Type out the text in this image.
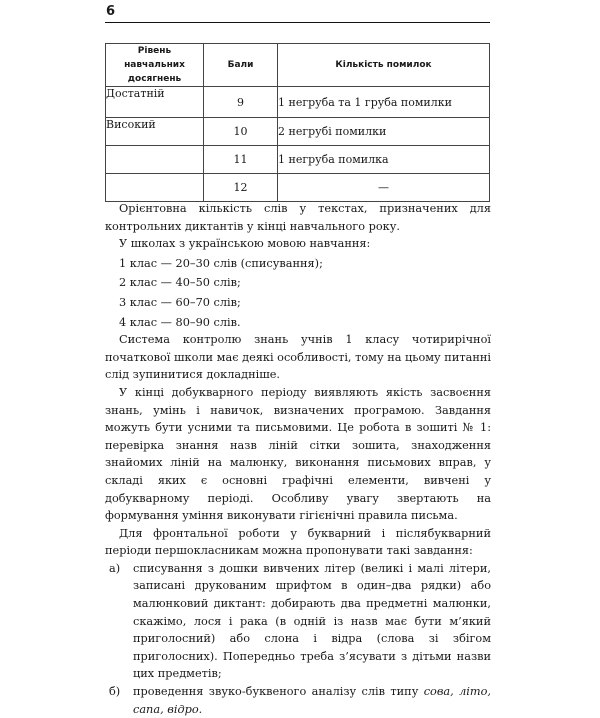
6
Рівень навчальних досягнень	Бали	Кількість помилок
Достатній	9	1 негруба та 1 груба помилки
Високий	10	2 негрубі помилки
	11	1 негруба помилка
	12	—

Орієнтовна кількість слів у текстах, призначених для контрольних диктантів у кінці навчального року.

У школах з українською мовою навчання:

1 клас — 20–30 слів (списування);

2 клас — 40–50 слів;

3 клас — 60–70 слів;

4 клас — 80–90 слів.

Система контролю знань учнів 1 класу чотирирічної початкової школи має деякі особливості, тому на цьому питанні слід зупинитися докладніше.

У кінці добукварного періоду виявляють якість засвоєння знань, умінь і навичок, визначених програмою. Завдання можуть бути усними та письмовими. Це робота в зошиті № 1: перевірка знання назв ліній сітки зошита, знаходження знайомих ліній на малюнку, виконання письмових вправ, у складі яких є основні графічні елементи, вивчені у добукварному періоді. Особливу увагу звертають на формування уміння виконувати гігієнічні правила письма.

Для фронтальної роботи у букварний і післябукварний періоди першокласникам можна пропонувати такі завдання:

а)	списування з дошки вивчених літер (великі і малі літери, записані друкованим шрифтом в один–два рядки) або малюнковий диктант: добирають два предметні малюнки, скажімо, лося і рака (в одній із назв має бути м’який приголосний) або слона і відра (слова зі збігом приголосних). Попередньо треба з’ясувати з дітьми назви цих предметів;
б)	проведення звуко-буквеного аналізу слів типу сова, літо, сапа, відро.
